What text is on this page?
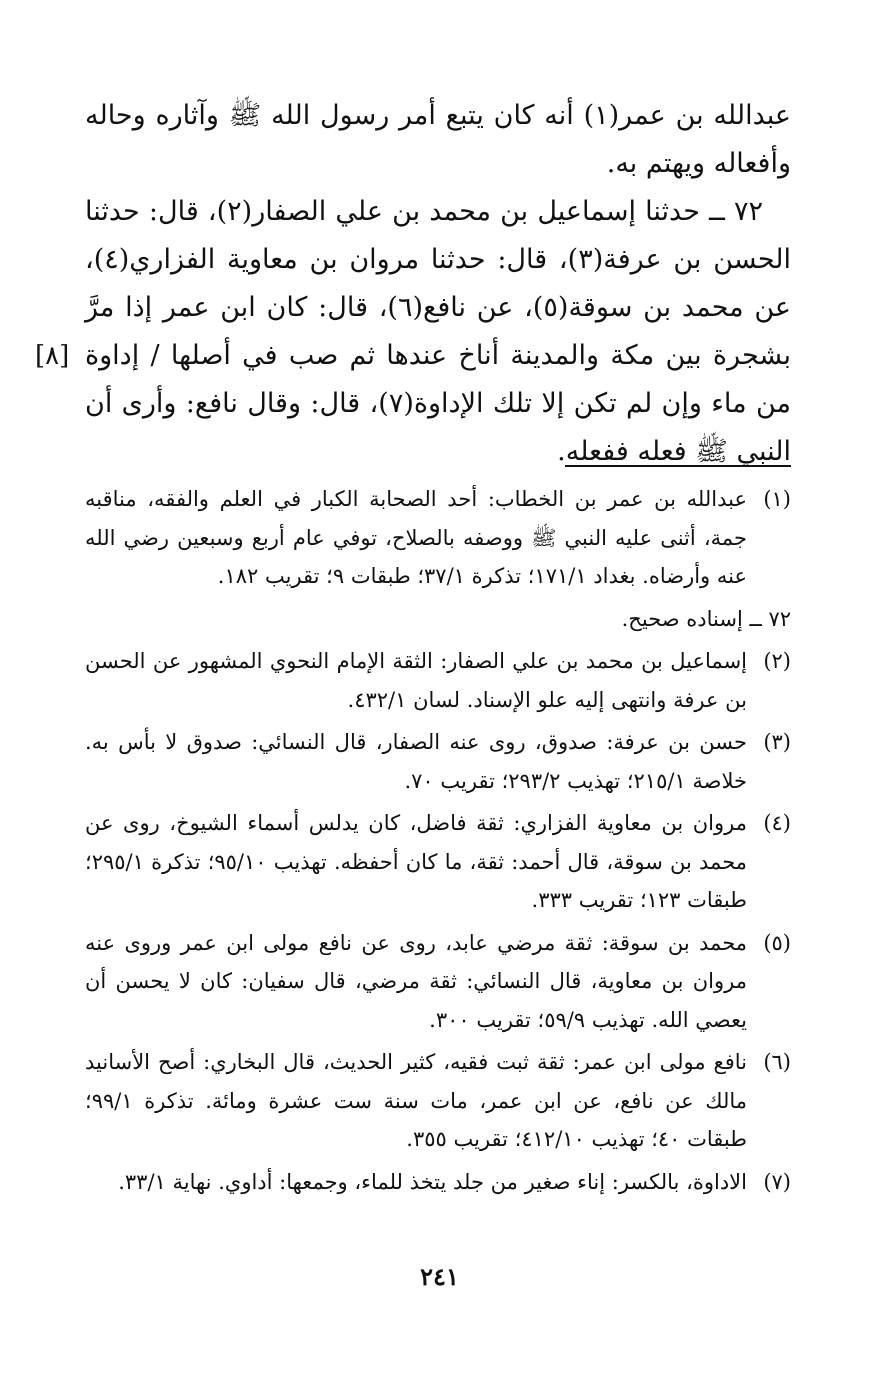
عبدالله بن عمر(١) أنه كان يتبع أمر رسول الله ﷺ وآثاره وحاله وأفعاله ويهتم به.

٧٢ ــ حدثنا إسماعيل بن محمد بن علي الصفار(٢)، قال: حدثنا الحسن بن عرفة(٣)، قال: حدثنا مروان بن معاوية الفزاري(٤)، عن محمد بن سوقة(٥)، عن نافع(٦)، قال: كان ابن عمر إذا مرَّ بشجرة بين مكة والمدينة أناخ عندها ثم صب في أصلها / إداوة من ماء وإن لم تكن إلا تلك الإداوة(٧)، قال: وقال نافع: وأرى أن النبي ﷺ فعله ففعله.

[٨]
(١)
عبدالله بن عمر بن الخطاب: أحد الصحابة الكبار في العلم والفقه، مناقبه جمة، أثنى عليه النبي ﷺ ووصفه بالصلاح، توفي عام أربع وسبعين رضي الله عنه وأرضاه. بغداد ١٧١/١؛ تذكرة ٣٧/١؛ طبقات ٩؛ تقريب ١٨٢.
٧٢ ــ إسناده صحيح.
(٢)
إسماعيل بن محمد بن علي الصفار: الثقة الإمام النحوي المشهور عن الحسن بن عرفة وانتهى إليه علو الإسناد. لسان ٤٣٢/١.
(٣)
حسن بن عرفة: صدوق، روى عنه الصفار، قال النسائي: صدوق لا بأس به. خلاصة ٢١٥/١؛ تهذيب ٢٩٣/٢؛ تقريب ٧٠.
(٤)
مروان بن معاوية الفزاري: ثقة فاضل، كان يدلس أسماء الشيوخ، روى عن محمد بن سوقة، قال أحمد: ثقة، ما كان أحفظه. تهذيب ٩٥/١٠؛ تذكرة ٢٩٥/١؛ طبقات ١٢٣؛ تقريب ٣٣٣.
(٥)
محمد بن سوقة: ثقة مرضي عابد، روى عن نافع مولى ابن عمر وروى عنه مروان بن معاوية، قال النسائي: ثقة مرضي، قال سفيان: كان لا يحسن أن يعصي الله. تهذيب ٥٩/٩؛ تقريب ٣٠٠.
(٦)
نافع مولى ابن عمر: ثقة ثبت فقيه، كثير الحديث، قال البخاري: أصح الأسانيد مالك عن نافع، عن ابن عمر، مات سنة ست عشرة ومائة. تذكرة ٩٩/١؛ طبقات ٤٠؛ تهذيب ٤١٢/١٠؛ تقريب ٣٥٥.
(٧)
الاداوة، بالكسر: إناء صغير من جلد يتخذ للماء، وجمعها: أداوي. نهاية ٣٣/١.
٢٤١
